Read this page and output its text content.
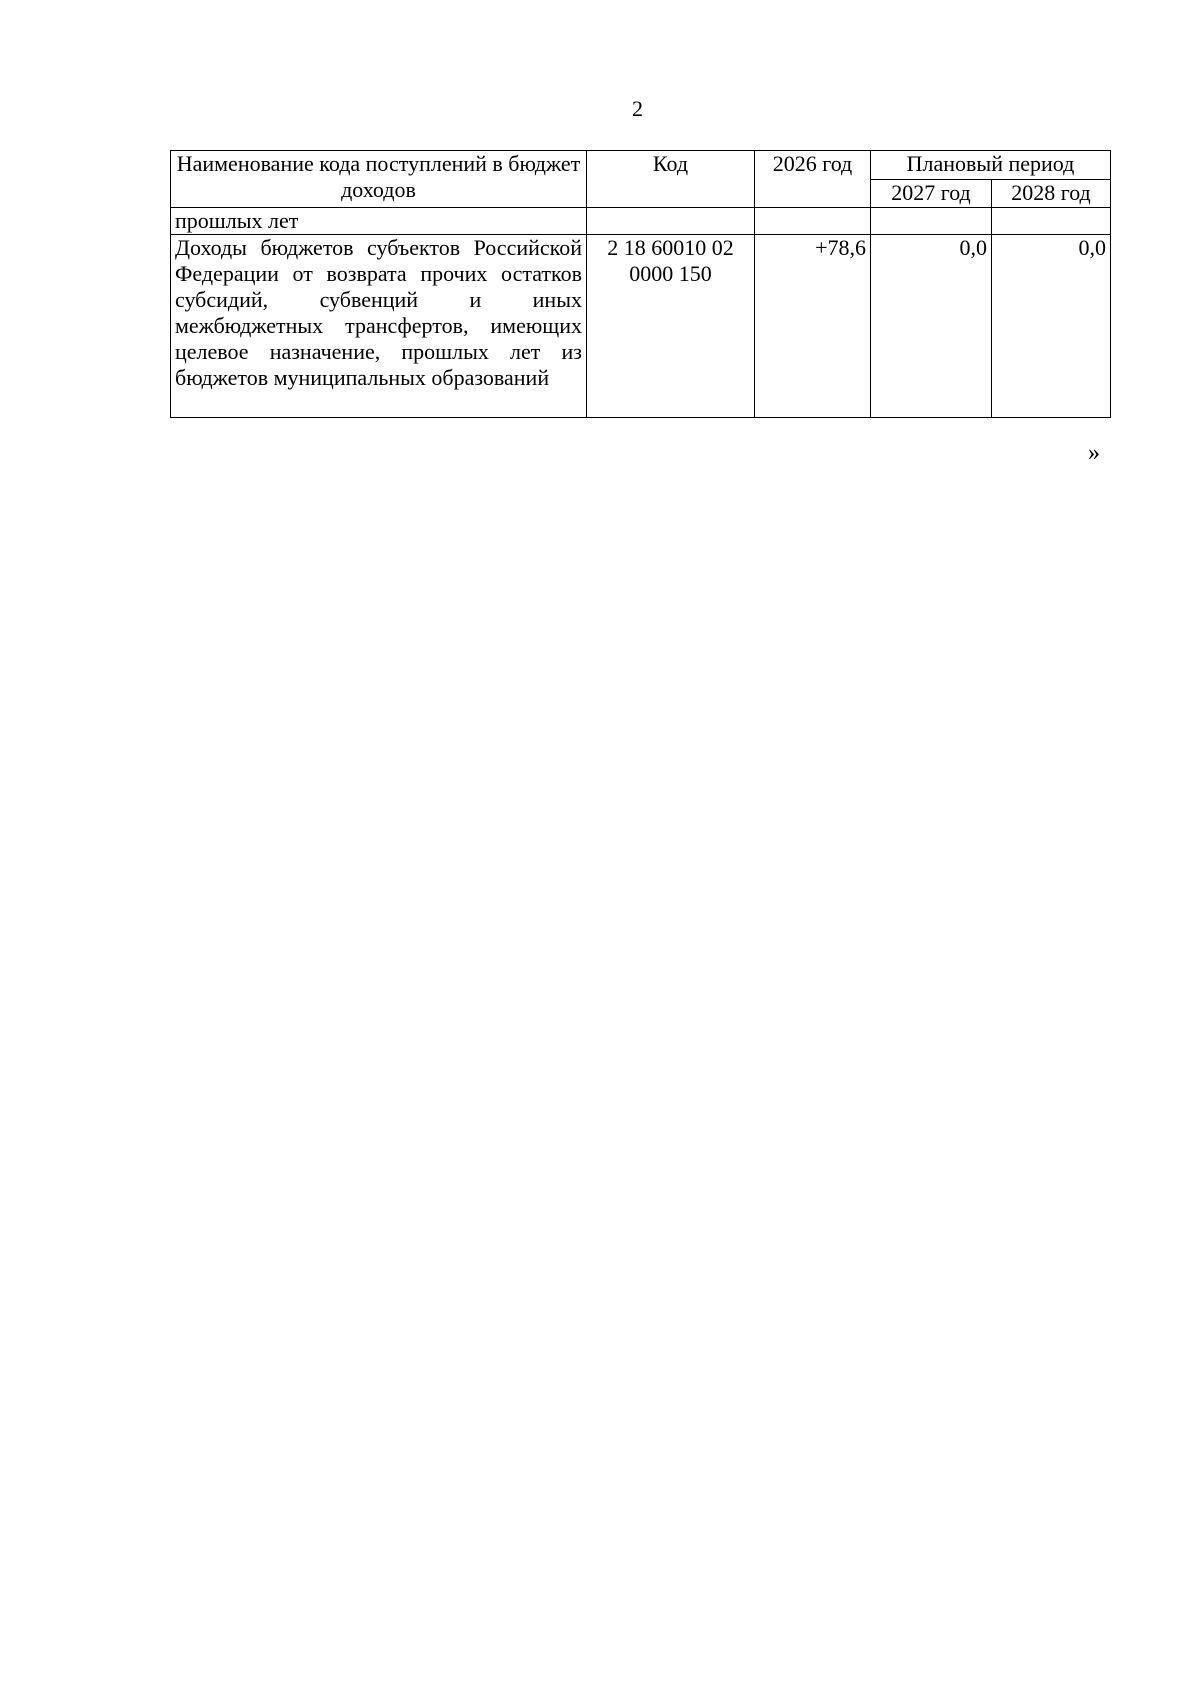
2
Наименование кода поступлений в бюджет доходов	Код	2026 год	Плановый период	
			2027 год	2028 год
прошлых лет				
Доходы бюджетов субъектов Российской Федерации от возврата прочих остатков субсидий, субвенций и иных межбюджетных трансфертов, имеющих целевое назначение, прошлых лет из бюджетов муниципальных образований	2 18 60010 02 0000 150	+78,6	0,0	0,0
»
